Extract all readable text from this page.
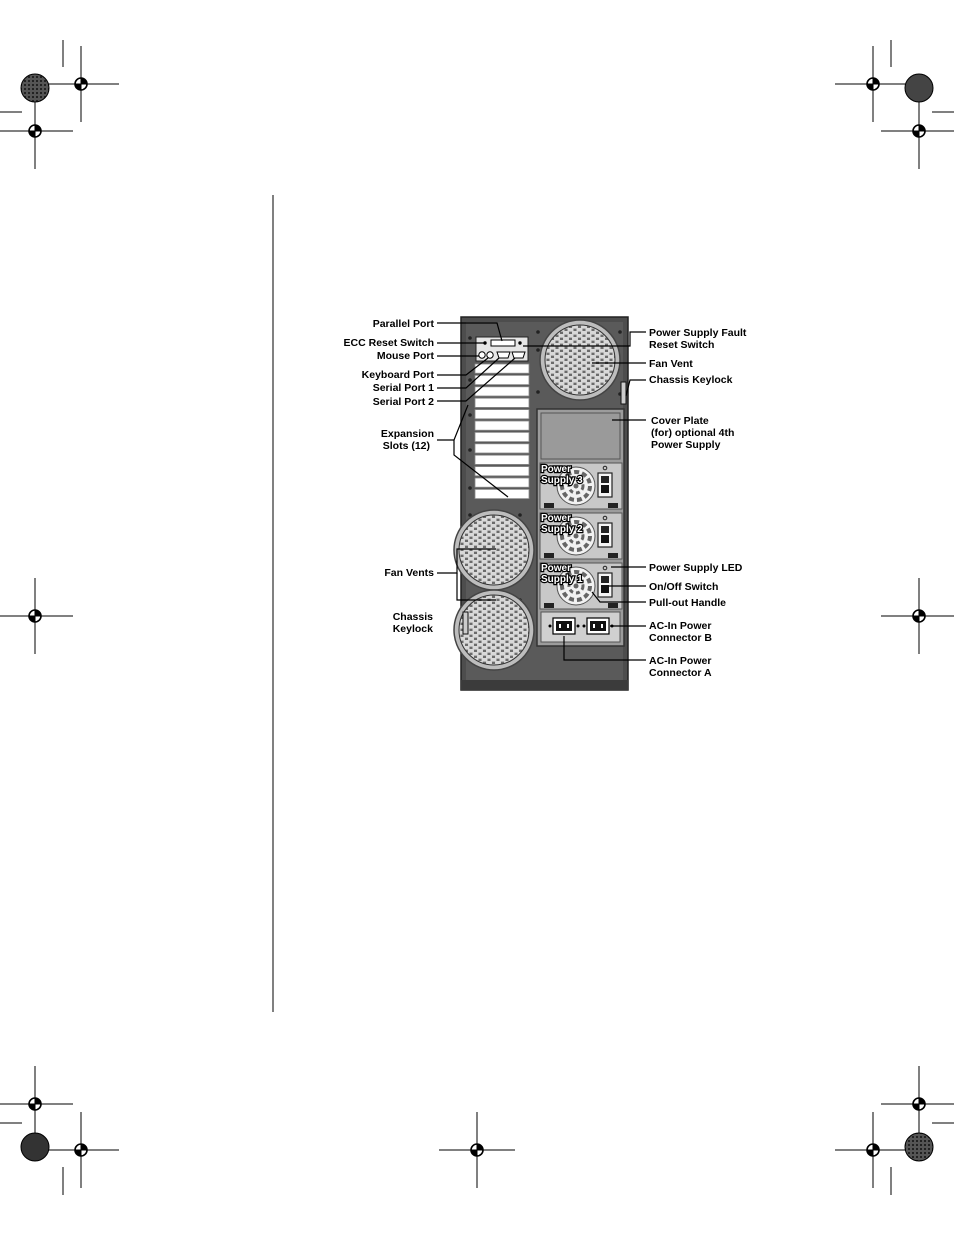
Power
Supply 3
Power
Supply 2
Power
Supply 1
Parallel Port
ECC Reset Switch
Mouse Port
Keyboard Port
Serial Port 1
Serial Port 2
Expansion
Slots (12)
Fan Vents
Chassis
Keylock
Power Supply Fault
Reset Switch
Fan Vent
Chassis Keylock
Cover Plate
(for) optional 4th
Power Supply
Power Supply LED
On/Off Switch
Pull-out Handle
AC-In Power
Connector B
AC-In Power
Connector A
